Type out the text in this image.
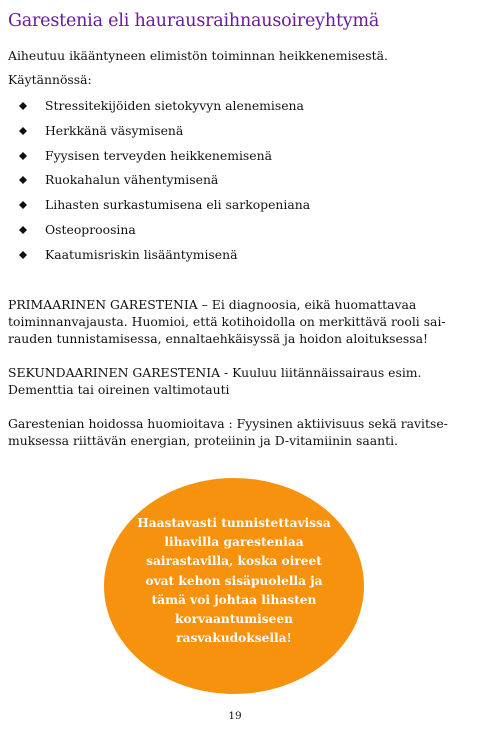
Garestenia eli haurausraihnausoireyhtymä
Aiheutuu ikääntyneen elimistön toiminnan heikkenemisestä.
Käytännössä:
Stressitekijöiden sietokyvyn alenemisena
Herkkänä väsymisenä
Fyysisen terveyden heikkenemisenä
Ruokahalun vähentymisenä
Lihasten surkastumisena eli sarkopeniana
Osteoproosina
Kaatumisriskin lisääntymisenä
PRIMAARINEN GARESTENIA – Ei diagnoosia, eikä huomattavaa
toiminnanvajausta. Huomioi, että kotihoidolla on merkittävä rooli sai-
rauden tunnistamisessa, ennaltaehkäisyssä ja hoidon aloituksessa!
SEKUNDAARINEN GARESTENIA - Kuuluu liitännäissairaus esim.
Dementtia tai oireinen valtimotauti
Garestenian hoidossa huomioitava : Fyysinen aktiivisuus sekä ravitse-
muksessa riittävän energian, proteiinin ja D-vitamiinin saanti.
Haastavasti tunnistettavissa
lihavilla garesteniaa
sairastavilla, koska oireet
ovat kehon sisäpuolella ja
tämä voi johtaa lihasten
korvaantumiseen
rasvakudoksella!
19
